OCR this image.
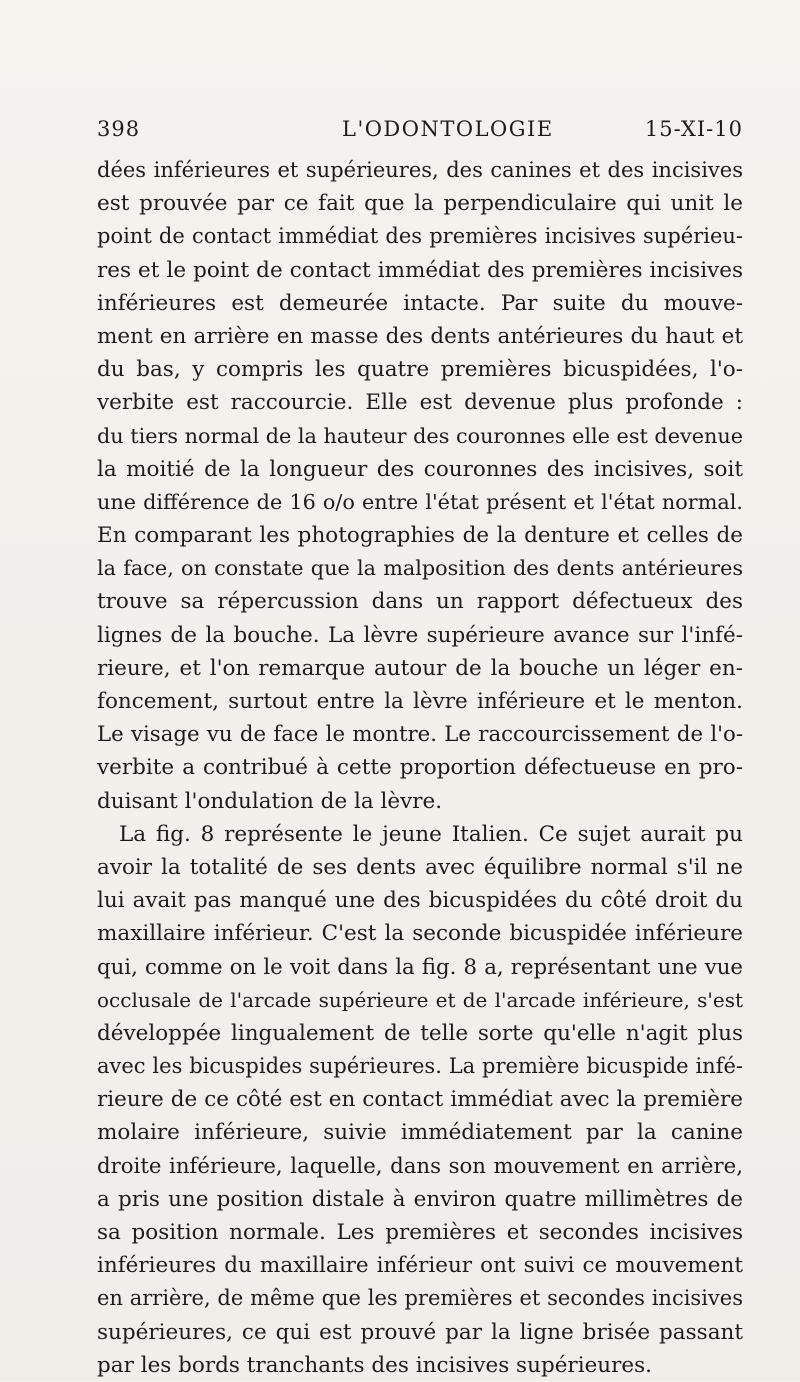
398	L'ODONTOLOGIE	15-XI-10
dées inférieures et supérieures, des canines et des incisives
est prouvée par ce fait que la perpendiculaire qui unit le
point de contact immédiat des premières incisives supérieu-
res et le point de contact immédiat des premières incisives
inférieures est demeurée intacte. Par suite du mouve-
ment en arrière en masse des dents antérieures du haut et
du bas, y compris les quatre premières bicuspidées, l'o-
verbite est raccourcie. Elle est devenue plus profonde :
du tiers normal de la hauteur des couronnes elle est devenue
la moitié de la longueur des couronnes des incisives, soit
une différence de 16 o/o entre l'état présent et l'état normal.
En comparant les photographies de la denture et celles de
la face, on constate que la malposition des dents antérieures
trouve sa répercussion dans un rapport défectueux des
lignes de la bouche. La lèvre supérieure avance sur l'infé-
rieure, et l'on remarque autour de la bouche un léger en-
foncement, surtout entre la lèvre inférieure et le menton.
Le visage vu de face le montre. Le raccourcissement de l'o-
verbite a contribué à cette proportion défectueuse en pro-
duisant l'ondulation de la lèvre.
La fig. 8 représente le jeune Italien. Ce sujet aurait pu
avoir la totalité de ses dents avec équilibre normal s'il ne
lui avait pas manqué une des bicuspidées du côté droit du
maxillaire inférieur. C'est la seconde bicuspidée inférieure
qui, comme on le voit dans la fig. 8 a, représentant une vue
occlusale de l'arcade supérieure et de l'arcade inférieure, s'est
développée lingualement de telle sorte qu'elle n'agit plus
avec les bicuspides supérieures. La première bicuspide infé-
rieure de ce côté est en contact immédiat avec la première
molaire inférieure, suivie immédiatement par la canine
droite inférieure, laquelle, dans son mouvement en arrière,
a pris une position distale à environ quatre millimètres de
sa position normale. Les premières et secondes incisives
inférieures du maxillaire inférieur ont suivi ce mouvement
en arrière, de même que les premières et secondes incisives
supérieures, ce qui est prouvé par la ligne brisée passant
par les bords tranchants des incisives supérieures.
